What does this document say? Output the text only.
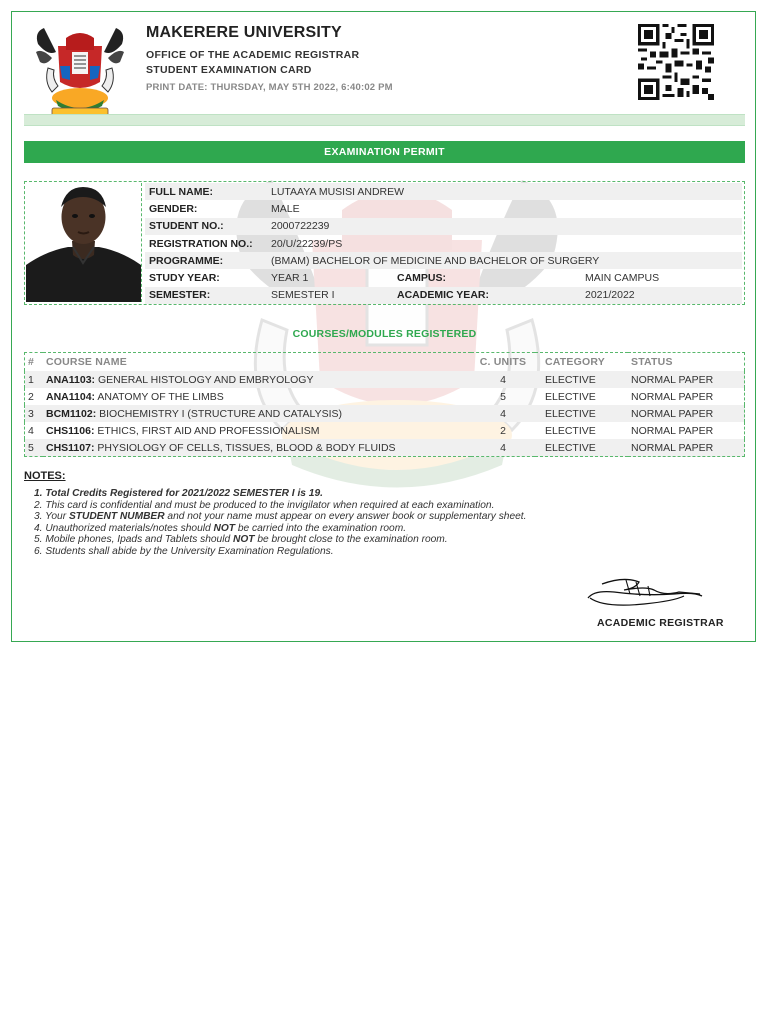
MAKERERE UNIVERSITY
OFFICE OF THE ACADEMIC REGISTRAR
STUDENT EXAMINATION CARD
PRINT DATE: THURSDAY, MAY 5TH 2022, 6:40:02 PM
EXAMINATION PERMIT
FULL NAME:	LUTAAYA MUSISI ANDREW		
GENDER:	MALE		
STUDENT NO.:	2000722239		
REGISTRATION NO.:	20/U/22239/PS		
PROGRAMME:	(BMAM) BACHELOR OF MEDICINE AND BACHELOR OF SURGERY		
STUDY YEAR:	YEAR 1	CAMPUS:	MAIN CAMPUS
SEMESTER:	SEMESTER I	ACADEMIC YEAR:	2021/2022
COURSES/MODULES REGISTERED
#	COURSE NAME	C. UNITS	CATEGORY	STATUS
1	ANA1103: GENERAL HISTOLOGY AND EMBRYOLOGY	4	ELECTIVE	NORMAL PAPER
2	ANA1104: ANATOMY OF THE LIMBS	5	ELECTIVE	NORMAL PAPER
3	BCM1102: BIOCHEMISTRY I (STRUCTURE AND CATALYSIS)	4	ELECTIVE	NORMAL PAPER
4	CHS1106: ETHICS, FIRST AID AND PROFESSIONALISM	2	ELECTIVE	NORMAL PAPER
5	CHS1107: PHYSIOLOGY OF CELLS, TISSUES, BLOOD & BODY FLUIDS	4	ELECTIVE	NORMAL PAPER
NOTES:
1. Total Credits Registered for 2021/2022 SEMESTER I is 19.
2. This card is confidential and must be produced to the invigilator when required at each examination.
3. Your STUDENT NUMBER and not your name must appear on every answer book or supplementary sheet.
4. Unauthorized materials/notes should NOT be carried into the examination room.
5. Mobile phones, Ipads and Tablets should NOT be brought close to the examination room.
6. Students shall abide by the University Examination Regulations.
ACADEMIC REGISTRAR
